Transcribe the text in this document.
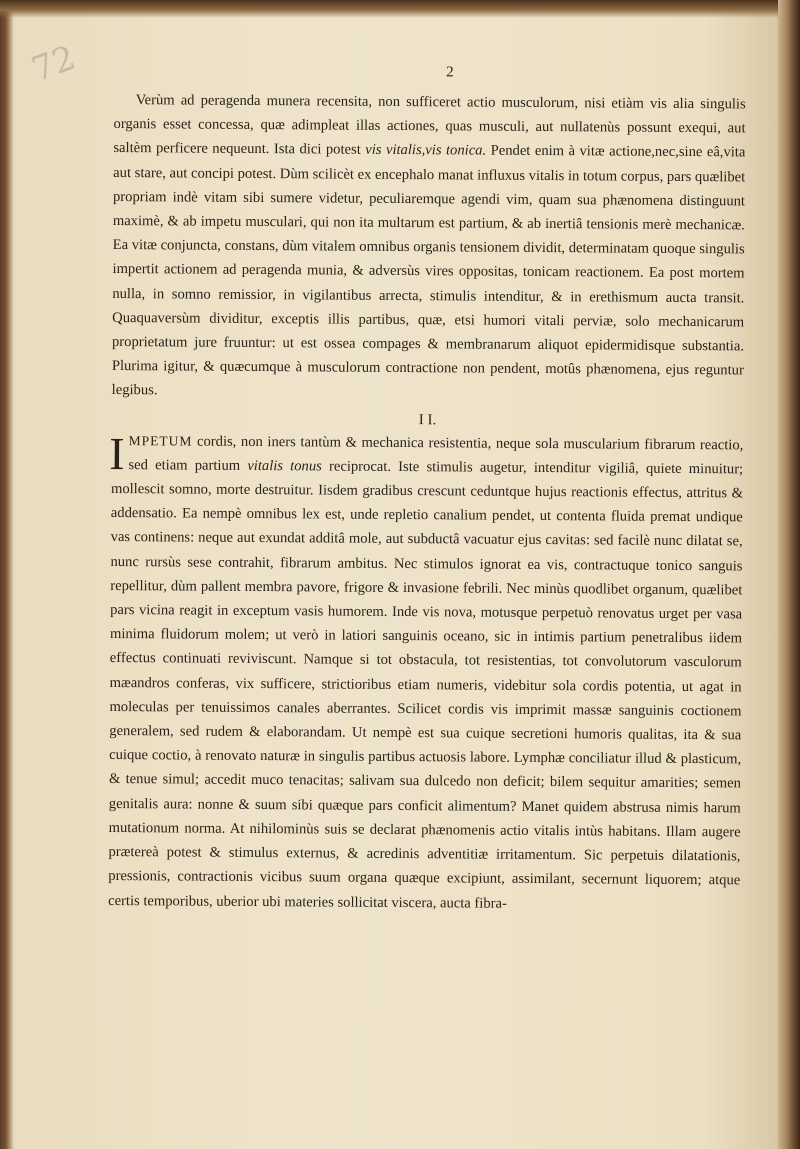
72	2

Verùm ad peragenda munera recensita, non sufficeret actio musculorum, nisi etiàm vis alia singulis organis esset concessa, quæ adimpleat illas actiones, quas musculi, aut nullatenùs possunt exequi, aut saltèm perficere nequeunt. Ista dici potest vis vitalis,vis tonica. Pendet enim à vitæ actione,nec,sine eâ,vita aut stare, aut concipi potest. Dùm scilicèt ex encephalo manat influxus vitalis in totum corpus, pars quælibet propriam indè vitam sibi sumere videtur, peculiaremque agendi vim, quam sua phænomena distinguunt maximè, & ab impetu musculari, qui non ita multarum est partium, & ab inertiâ tensionis merè mechanicæ. Ea vitæ conjuncta, constans, dùm vitalem omnibus organis tensionem dividit, determinatam quoque singulis impertit actionem ad peragenda munia, & adversùs vires oppositas, tonicam reactionem. Ea post mortem nulla, in somno remissior, in vigilantibus arrecta, stimulis intenditur, & in erethismum aucta transit. Quaquaversùm dividitur, exceptis illis partibus, quæ, etsi humori vitali perviæ, solo mechanicarum proprietatum jure fruuntur: ut est ossea compages & membranarum aliquot epidermidisque substantia. Plurima igitur, & quæcumque à musculorum contractione non pendent, motûs phænomena, ejus reguntur legibus.

I I.

IMPETUM cordis, non iners tantùm & mechanica resistentia, neque sola muscularium fibrarum reactio, sed etiam partium vitalis tonus reciprocat. Iste stimulis augetur, intenditur vigiliâ, quiete minuitur; mollescit somno, morte destruitur. Iisdem gradibus crescunt ceduntque hujus reactionis effectus, attritus & addensatio. Ea nempè omnibus lex est, unde repletio canalium pendet, ut contenta fluida premat undique vas continens: neque aut exundat additâ mole, aut subductâ vacuatur ejus cavitas: sed facilè nunc dilatat se, nunc rursùs sese contrahit, fibrarum ambitus. Nec stimulos ignorat ea vis, contractuque tonico sanguis repellitur, dùm pallent membra pavore, frigore & invasione febrili. Nec minùs quodlibet organum, quælibet pars vicina reagit in exceptum vasis humorem. Inde vis nova, motusque perpetuò renovatus urget per vasa minima fluidorum molem; ut verò in latiori sanguinis oceano, sic in intimis partium penetralibus iidem effectus continuati reviviscunt. Namque si tot obstacula, tot resistentias, tot convolutorum vasculorum mæandros conferas, vix sufficere, strictioribus etiam numeris, videbitur sola cordis potentia, ut agat in moleculas per tenuissimos canales aberrantes. Scilicet cordis vis imprimit massæ sanguinis coctionem generalem, sed rudem & elaborandam. Ut nempè est sua cuique secretioni humoris qualitas, ita & sua cuique coctio, à renovato naturæ in singulis partibus actuosis labore. Lymphæ conciliatur illud & plasticum, & tenue simul; accedit muco tenacitas; salivam sua dulcedo non deficit; bilem sequitur amarities; semen genitalis aura: nonne & suum sibi quæque pars conficit alimentum? Manet quidem abstrusa nimis harum mutationum norma. At nihilominùs suis se declarat phænomenis actio vitalis intùs habitans. Illam augere prætereà potest & stimulus externus, & acredinis adventitiæ irritamentum. Sic perpetuis dilatationis, pressionis, contractionis vicibus suum organa quæque excipiunt, assimilant, secernunt liquorem; atque certis temporibus, uberior ubi materies sollicitat viscera, aucta fibra-
